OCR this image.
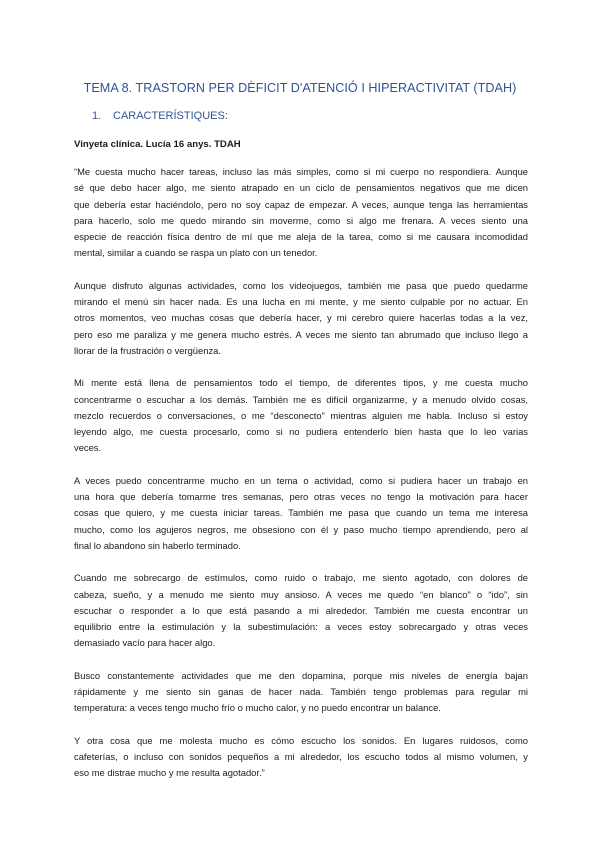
TEMA 8. TRASTORN PER DÈFICIT D'ATENCIÓ I HIPERACTIVITAT (TDAH)
1. CARACTERÍSTIQUES:
Vinyeta clínica. Lucía 16 anys. TDAH
“Me cuesta mucho hacer tareas, incluso las más simples, como si mi cuerpo no respondiera. Aunque
sé que debo hacer algo, me siento atrapado en un ciclo de pensamientos negativos que me dicen
que debería estar haciéndolo, pero no soy capaz de empezar. A veces, aunque tenga las herramientas
para hacerlo, solo me quedo mirando sin moverme, como si algo me frenara. A veces siento una
especie de reacción física dentro de mí que me aleja de la tarea, como si me causara incomodidad
mental, similar a cuando se raspa un plato con un tenedor.
Aunque disfruto algunas actividades, como los videojuegos, también me pasa que puedo quedarme
mirando el menú sin hacer nada. Es una lucha en mi mente, y me siento culpable por no actuar. En
otros momentos, veo muchas cosas que debería hacer, y mi cerebro quiere hacerlas todas a la vez,
pero eso me paraliza y me genera mucho estrés. A veces me siento tan abrumado que incluso llego a
llorar de la frustración o vergüenza.
Mi mente está llena de pensamientos todo el tiempo, de diferentes tipos, y me cuesta mucho
concentrarme o escuchar a los demás. También me es difícil organizarme, y a menudo olvido cosas,
mezclo recuerdos o conversaciones, o me “desconecto” mientras alguien me habla. Incluso si estoy
leyendo algo, me cuesta procesarlo, como si no pudiera entenderlo bien hasta que lo leo varias
veces.
A veces puedo concentrarme mucho en un tema o actividad, como si pudiera hacer un trabajo en
una hora que debería tomarme tres semanas, pero otras veces no tengo la motivación para hacer
cosas que quiero, y me cuesta iniciar tareas. También me pasa que cuando un tema me interesa
mucho, como los agujeros negros, me obsesiono con él y paso mucho tiempo aprendiendo, pero al
final lo abandono sin haberlo terminado.
Cuando me sobrecargo de estímulos, como ruido o trabajo, me siento agotado, con dolores de
cabeza, sueño, y a menudo me siento muy ansioso. A veces me quedo “en blanco” o “ido”, sin
escuchar o responder a lo que está pasando a mi alrededor. También me cuesta encontrar un
equilibrio entre la estimulación y la subestimulación: a veces estoy sobrecargado y otras veces
demasiado vacío para hacer algo.
Busco constantemente actividades que me den dopamina, porque mis niveles de energía bajan
rápidamente y me siento sin ganas de hacer nada. También tengo problemas para regular mi
temperatura: a veces tengo mucho frío o mucho calor, y no puedo encontrar un balance.
Y otra cosa que me molesta mucho es cómo escucho los sonidos. En lugares ruidosos, como
cafeterías, o incluso con sonidos pequeños a mi alrededor, los escucho todos al mismo volumen, y
eso me distrae mucho y me resulta agotador.”
